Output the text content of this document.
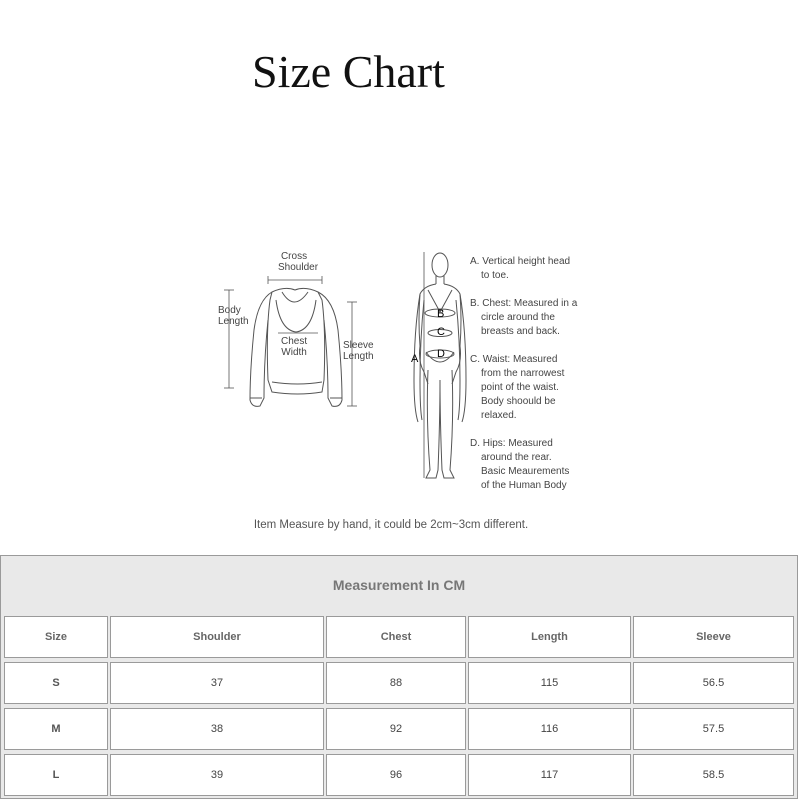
Size Chart
Cross
Shoulder
Body
Length
Chest
Width
Sleeve
Length	A
B
C
D
A. Vertical height head
to toe.
B. Chest: Measured in a
circle around the
breasts and back.
C. Waist: Measured
from the narrowest
point of the waist.
Body shoould be
relaxed.
D. Hips: Measured
around the rear.
Basic Meaurements
of the Human Body
Item Measure by hand, it could be 2cm~3cm different.
Measurement In CM
Size	Shoulder	Chest	Length	Sleeve
S	37	88	115	56.5
M	38	92	116	57.5
L	39	96	117	58.5
